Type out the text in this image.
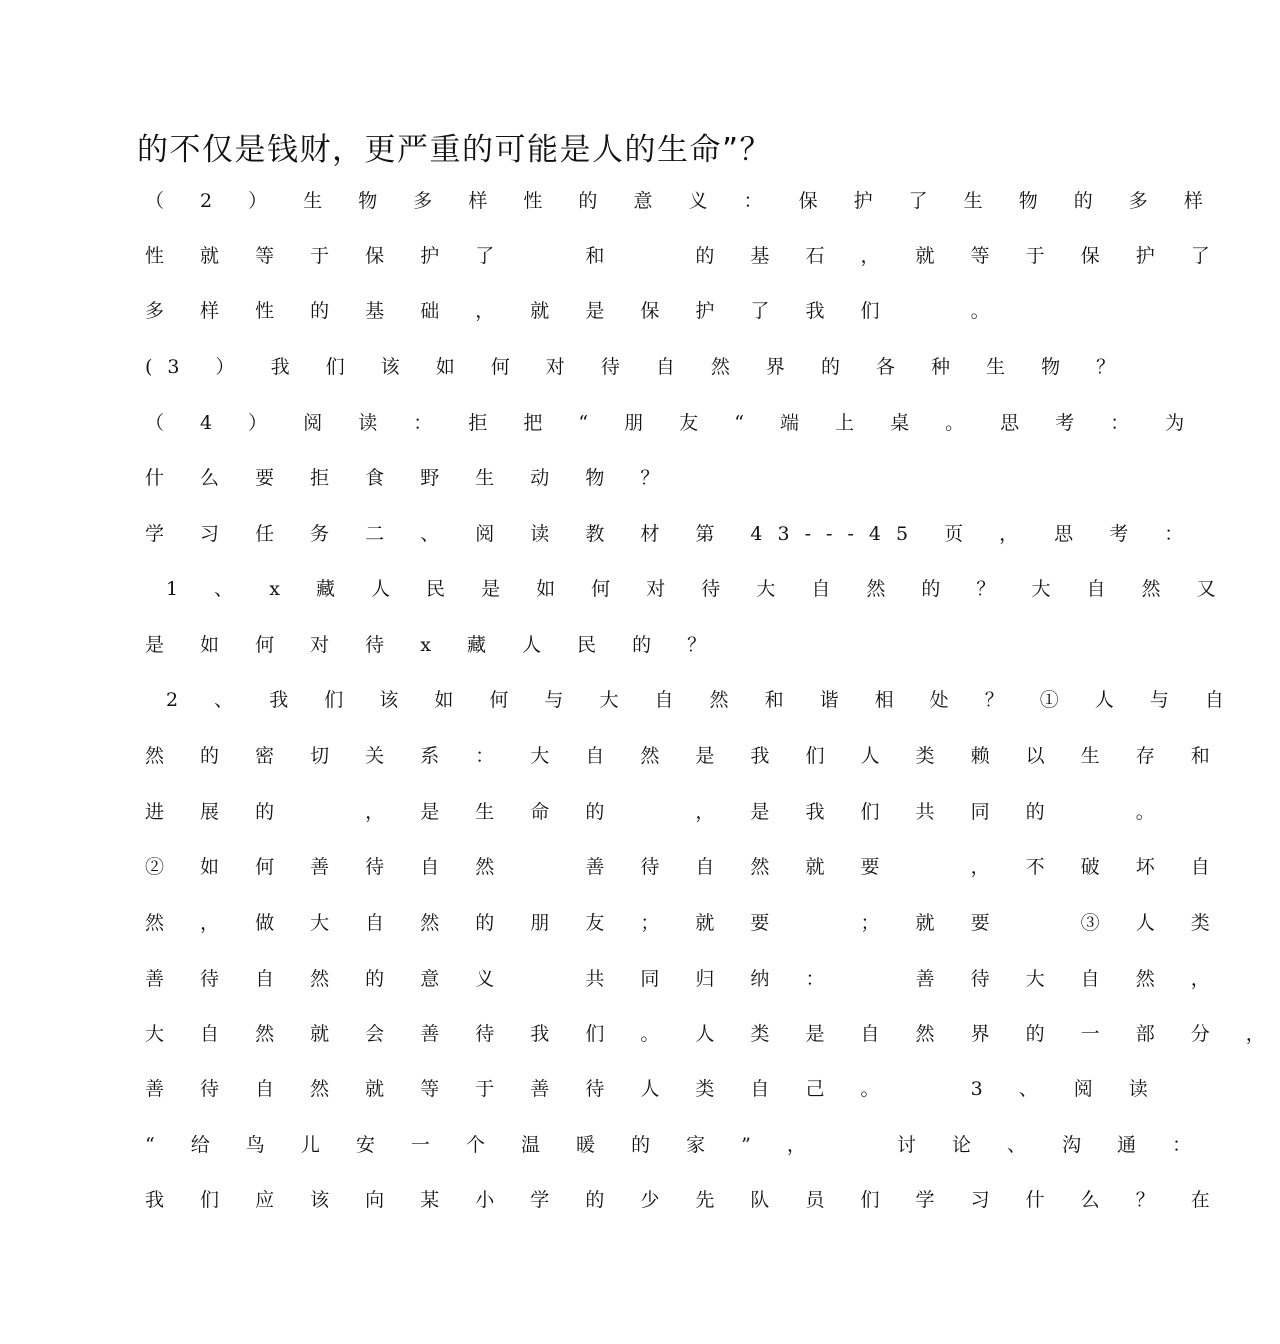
的不仅是钱财，更严重的可能是人的生命”？
（ 2 ） 生 物 多 样 性 的 意 义 ： 保 护 了 生 物 的 多 样
性 就 等 于 保 护 了 　 和 　 的 基 石 ， 就 等 于 保 护 了
多 样 性 的 基 础 ， 就 是 保 护 了 我 们 　 。
(3 ） 我 们 该 如 何 对 待 自 然 界 的 各 种 生 物 ？
（ 4 ） 阅 读 ： 拒 把 “ 朋 友 “ 端 上 桌 。 思 考 ： 为
什 么 要 拒 食 野 生 动 物 ？
学 习 任 务 二 、 阅 读 教 材 第 43---45 页 ， 思 考 ：
1 、 x 藏 人 民 是 如 何 对 待 大 自 然 的 ？ 大 自 然 又
是 如 何 对 待 x 藏 人 民 的 ？
2 、 我 们 该 如 何 与 大 自 然 和 谐 相 处 ？ ① 人 与 自
然 的 密 切 关 系 ： 大 自 然 是 我 们 人 类 赖 以 生 存 和
进 展 的 　 ， 是 生 命 的 　 ， 是 我 们 共 同 的 　 。
② 如 何 善 待 自 然 　 善 待 自 然 就 要 　 ， 不 破 坏 自
然 ， 做 大 自 然 的 朋 友 ； 就 要 　 ； 就 要 　 ③ 人 类
善 待 自 然 的 意 义 　 共 同 归 纳 ： 　 善 待 大 自 然 ，
大 自 然 就 会 善 待 我 们 。 人 类 是 自 然 界 的 一 部 分 ，
善 待 自 然 就 等 于 善 待 人 类 自 己 。 　 3 、 阅 读
“ 给 鸟 儿 安 一 个 温 暖 的 家 ” ， 　 讨 论 、 沟 通 ：
我 们 应 该 向 某 小 学 的 少 先 队 员 们 学 习 什 么 ？ 在
